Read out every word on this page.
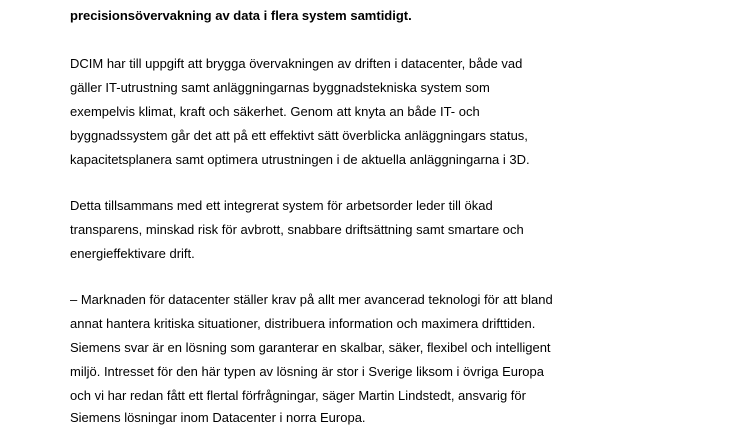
precisionsövervakning av data i flera system samtidigt.
DCIM har till uppgift att brygga övervakningen av driften i datacenter, både vad
gäller IT-utrustning samt anläggningarnas byggnadstekniska system som
exempelvis klimat, kraft och säkerhet. Genom att knyta an både IT- och
byggnadssystem går det att på ett effektivt sätt överblicka anläggningars status,
kapacitetsplanera samt optimera utrustningen i de aktuella anläggningarna i 3D.
Detta tillsammans med ett integrerat system för arbetsorder leder till ökad
transparens, minskad risk för avbrott, snabbare driftsättning samt smartare och
energieffektivare drift.
– Marknaden för datacenter ställer krav på allt mer avancerad teknologi för att bland
annat hantera kritiska situationer, distribuera information och maximera drifttiden.
Siemens svar är en lösning som garanterar en skalbar, säker, flexibel och intelligent
miljö. Intresset för den här typen av lösning är stor i Sverige liksom i övriga Europa
och vi har redan fått ett flertal förfrågningar, säger Martin Lindstedt, ansvarig för
Siemens lösningar inom Datacenter i norra Europa.
